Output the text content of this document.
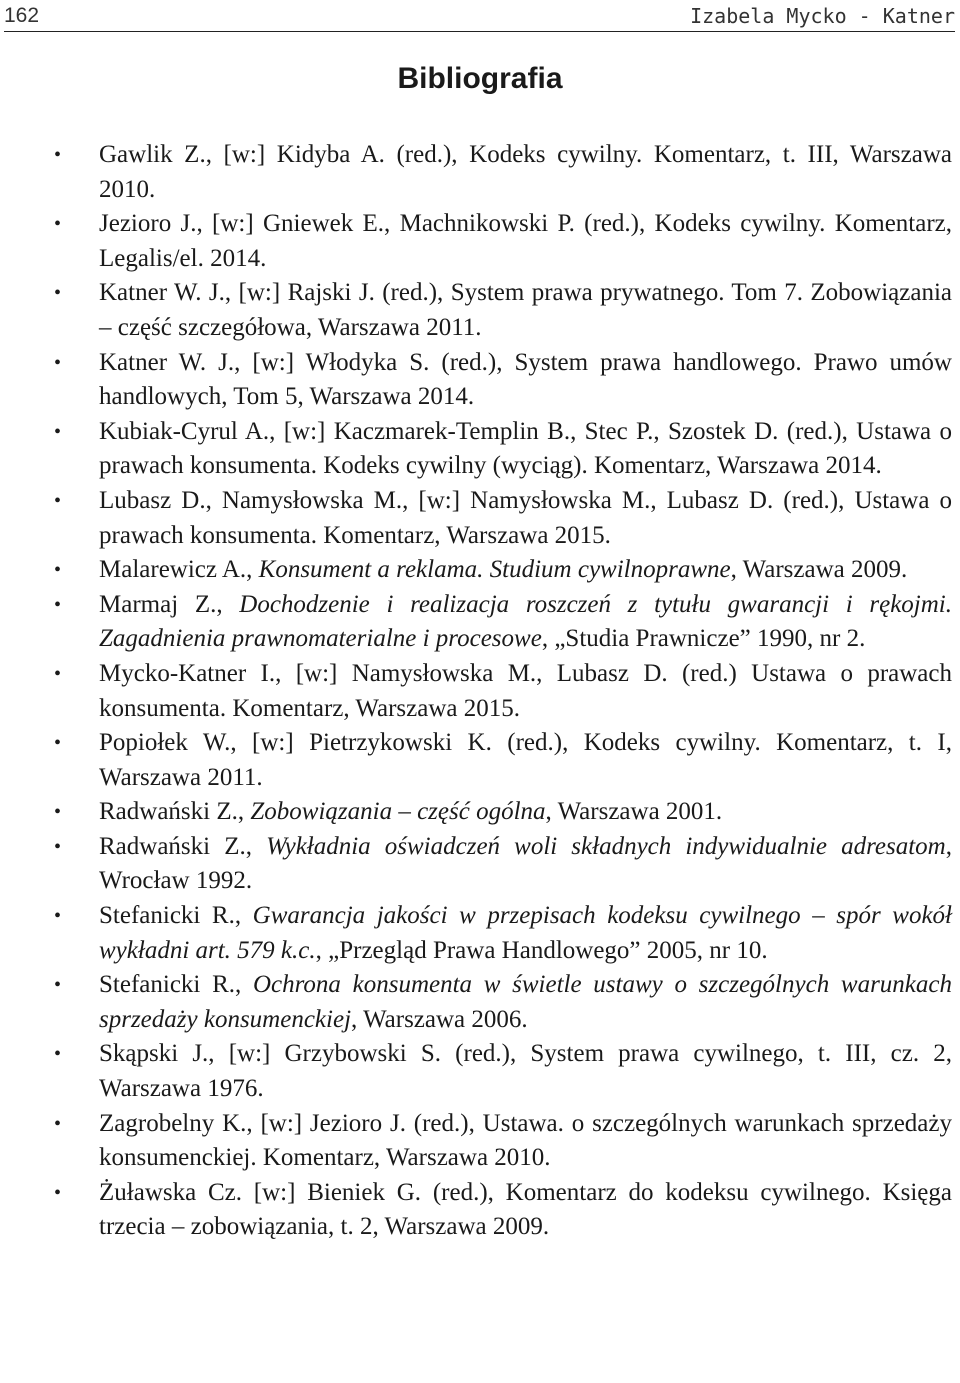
162	Izabela Mycko - Katner
Bibliografia
• Gawlik Z., [w:] Kidyba A. (red.), Kodeks cywilny. Komentarz, t. III, Warszawa 2010.
• Jezioro J., [w:] Gniewek E., Machnikowski P. (red.), Kodeks cywilny. Komentarz, Legalis/el. 2014.
• Katner W. J., [w:] Rajski J. (red.), System prawa prywatnego. Tom 7. Zobowiązania – część szczegółowa, Warszawa 2011.
• Katner W. J., [w:] Włodyka S. (red.), System prawa handlowego. Prawo umów handlowych, Tom 5, Warszawa 2014.
• Kubiak-Cyrul A., [w:] Kaczmarek-Templin B., Stec P., Szostek D. (red.), Ustawa o prawach konsumenta. Kodeks cywilny (wyciąg). Komentarz, Warszawa 2014.
• Lubasz D., Namysłowska M., [w:] Namysłowska M., Lubasz D. (red.), Ustawa o prawach konsumenta. Komentarz, Warszawa 2015.
• Malarewicz A., Konsument a reklama. Studium cywilnoprawne, Warszawa 2009.
• Marmaj Z., Dochodzenie i realizacja roszczeń z tytułu gwarancji i rękojmi. Zagadnienia prawnomaterialne i procesowe, „Studia Prawnicze” 1990, nr 2.
• Mycko-Katner I., [w:] Namysłowska M., Lubasz D. (red.) Ustawa o prawach konsumenta. Komentarz, Warszawa 2015.
• Popiołek W., [w:] Pietrzykowski K. (red.), Kodeks cywilny. Komentarz, t. I, Warszawa 2011.
• Radwański Z., Zobowiązania – część ogólna, Warszawa 2001.
• Radwański Z., Wykładnia oświadczeń woli składnych indywidualnie adresatom, Wrocław 1992.
• Stefanicki R., Gwarancja jakości w przepisach kodeksu cywilnego – spór wokół wykładni art. 579 k.c., „Przegląd Prawa Handlowego” 2005, nr 10.
• Stefanicki R., Ochrona konsumenta w świetle ustawy o szczególnych warunkach sprzedaży konsumenckiej, Warszawa 2006.
• Skąpski J., [w:] Grzybowski S. (red.), System prawa cywilnego, t. III, cz. 2, Warszawa 1976.
• Zagrobelny K., [w:] Jezioro J. (red.), Ustawa. o szczególnych warunkach sprzedaży konsumenckiej. Komentarz, Warszawa 2010.
• Żuławska Cz. [w:] Bieniek G. (red.), Komentarz do kodeksu cywilnego. Księga trzecia – zobowiązania, t. 2, Warszawa 2009.
